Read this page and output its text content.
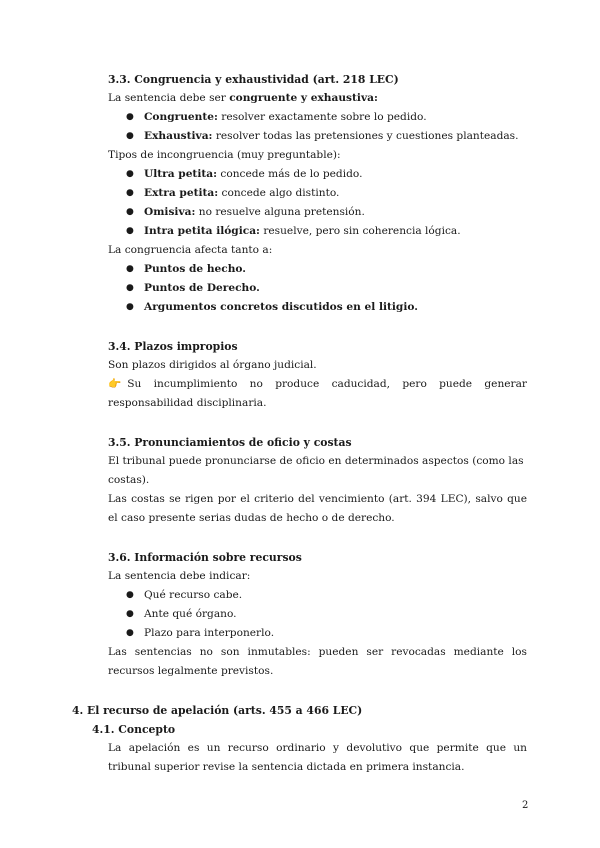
3.3. Congruencia y exhaustividad (art. 218 LEC)

La sentencia debe ser congruente y exhaustiva:

● Congruente: resolver exactamente sobre lo pedido.
● Exhaustiva: resolver todas las pretensiones y cuestiones planteadas.

Tipos de incongruencia (muy preguntable):

● Ultra petita: concede más de lo pedido.
● Extra petita: concede algo distinto.
● Omisiva: no resuelve alguna pretensión.
● Intra petita ilógica: resuelve, pero sin coherencia lógica.

La congruencia afecta tanto a:

● Puntos de hecho.
● Puntos de Derecho.
● Argumentos concretos discutidos en el litigio.

3.4. Plazos impropios

Son plazos dirigidos al órgano judicial.

👉 Su incumplimiento no produce caducidad, pero puede generar responsabilidad disciplinaria.

3.5. Pronunciamientos de oficio y costas

El tribunal puede pronunciarse de oficio en determinados aspectos (como las costas).

Las costas se rigen por el criterio del vencimiento (art. 394 LEC), salvo que el caso presente serias dudas de hecho o de derecho.

3.6. Información sobre recursos

La sentencia debe indicar:

● Qué recurso cabe.
● Ante qué órgano.
● Plazo para interponerlo.

Las sentencias no son inmutables: pueden ser revocadas mediante los recursos legalmente previstos.

4. El recurso de apelación (arts. 455 a 466 LEC)

4.1. Concepto

La apelación es un recurso ordinario y devolutivo que permite que un tribunal superior revise la sentencia dictada en primera instancia.

2
